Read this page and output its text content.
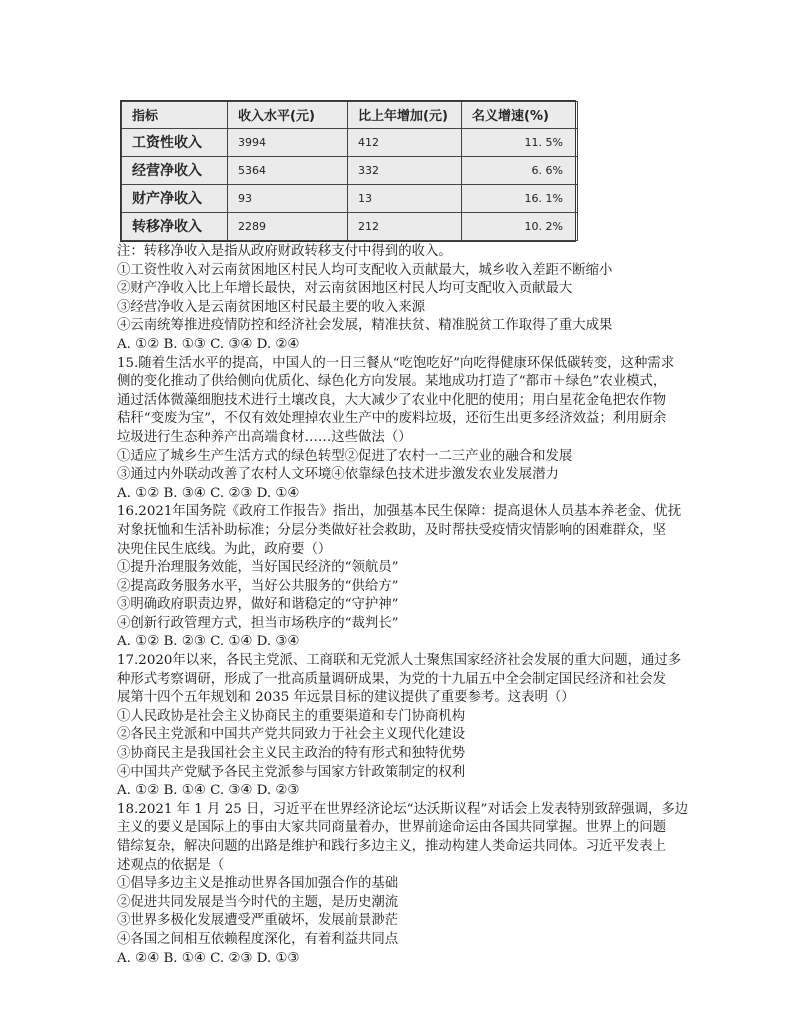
指标	收入水平(元)	比上年增加(元)	名义增速(%)
工资性收入	3994	412	11. 5%
经营净收入	5364	332	6. 6%
财产净收入	93	13	16. 1%
转移净收入	2289	212	10. 2%
注：转移净收入是指从政府财政转移支付中得到的收入。
①工资性收入对云南贫困地区村民人均可支配收入贡献最大，城乡收入差距不断缩小
②财产净收入比上年增长最快，对云南贫困地区村民人均可支配收入贡献最大
③经营净收入是云南贫困地区村民最主要的收入来源
④云南统筹推进疫情防控和经济社会发展，精准扶贫、精准脱贫工作取得了重大成果
A. ①② B. ①③ C. ③④ D. ②④
15.随着生活水平的提高，中国人的一日三餐从“吃饱吃好”向吃得健康环保低碳转变，这种需求
侧的变化推动了供给侧向优质化、绿色化方向发展。某地成功打造了“都市＋绿色”农业模式，
通过活体微藻细胞技术进行土壤改良，大大减少了农业中化肥的使用；用白星花金龟把农作物
秸秆“变废为宝”，不仅有效处理掉农业生产中的废料垃圾，还衍生出更多经济效益；利用厨余
垃圾进行生态种养产出高端食材……这些做法（）
①适应了城乡生产生活方式的绿色转型②促进了农村一二三产业的融合和发展
③通过内外联动改善了农村人文环境④依靠绿色技术进步激发农业发展潜力
A. ①② B. ③④ C. ②③ D. ①④
16.2021年国务院《政府工作报告》指出，加强基本民生保障：提高退休人员基本养老金、优抚
对象抚恤和生活补助标准；分层分类做好社会救助，及时帮扶受疫情灾情影响的困难群众，坚
决兜住民生底线。为此，政府要（）
①提升治理服务效能，当好国民经济的“领航员”
②提高政务服务水平，当好公共服务的“供给方”
③明确政府职责边界，做好和谐稳定的“守护神”
④创新行政管理方式，担当市场秩序的“裁判长”
A. ①② B. ②③ C. ①④ D. ③④
17.2020年以来，各民主党派、工商联和无党派人士聚焦国家经济社会发展的重大问题，通过多
种形式考察调研，形成了一批高质量调研成果，为党的十九届五中全会制定国民经济和社会发
展第十四个五年规划和 2035 年远景目标的建议提供了重要参考。这表明（）
①人民政协是社会主义协商民主的重要渠道和专门协商机构
②各民主党派和中国共产党共同致力于社会主义现代化建设
③协商民主是我国社会主义民主政治的特有形式和独特优势
④中国共产党赋予各民主党派参与国家方针政策制定的权利
A. ①② B. ①④ C. ③④ D. ②③
18.2021 年 1 月 25 日，习近平在世界经济论坛“达沃斯议程”对话会上发表特别致辞强调，多边
主义的要义是国际上的事由大家共同商量着办，世界前途命运由各国共同掌握。世界上的问题
错综复杂，解决问题的出路是维护和践行多边主义，推动构建人类命运共同体。习近平发表上
述观点的依据是（
①倡导多边主义是推动世界各国加强合作的基础
②促进共同发展是当今时代的主题，是历史潮流
③世界多极化发展遭受严重破坏，发展前景渺茫
④各国之间相互依赖程度深化，有着利益共同点
A. ②④ B. ①④ C. ②③ D. ①③
